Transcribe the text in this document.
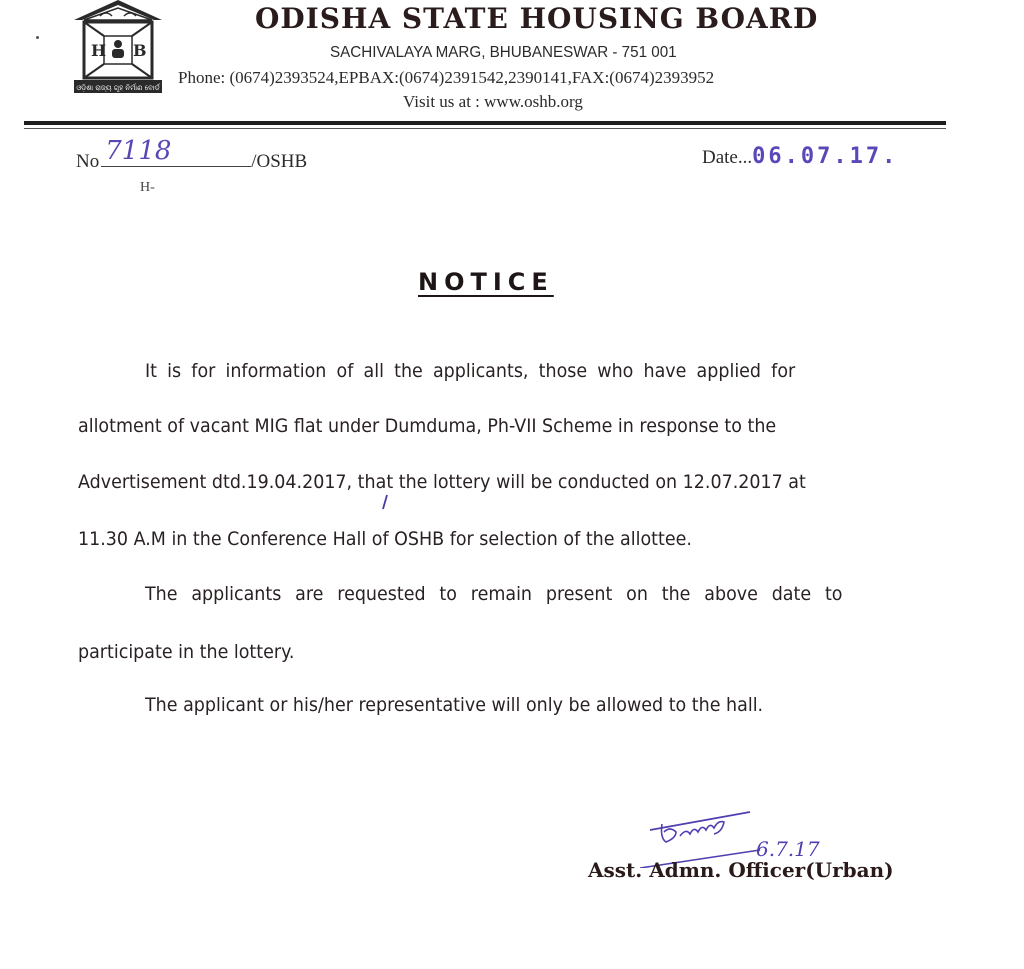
H B
ଓଡ଼ିଶା ରାଜ୍ୟ ଗୃହ ନିର୍ମାଣ ବୋର୍ଡ
ODISHA STATE HOUSING BOARD
SACHIVALAYA MARG, BHUBANESWAR - 751 001
Phone: (0674)2393524,EPBAX:(0674)2391542,2390141,FAX:(0674)2393952
Visit us at : www.oshb.org
No 7118	/OSHB
H-
Date...06.07.17.
NOTICE
It is for information of all the applicants, those who have applied for
allotment of vacant MIG flat under Dumduma, Ph-VII Scheme in response to the
Advertisement dtd.19.04.2017, that the lottery will be conducted on 12.07.2017 at
11.30 A.M in the Conference Hall of OSHB for selection of the allottee.
The applicants are requested to remain present on the above date to
participate in the lottery.
The applicant or his/her representative will only be allowed to the hall.
6.7.17
Asst. Admn. Officer(Urban)
